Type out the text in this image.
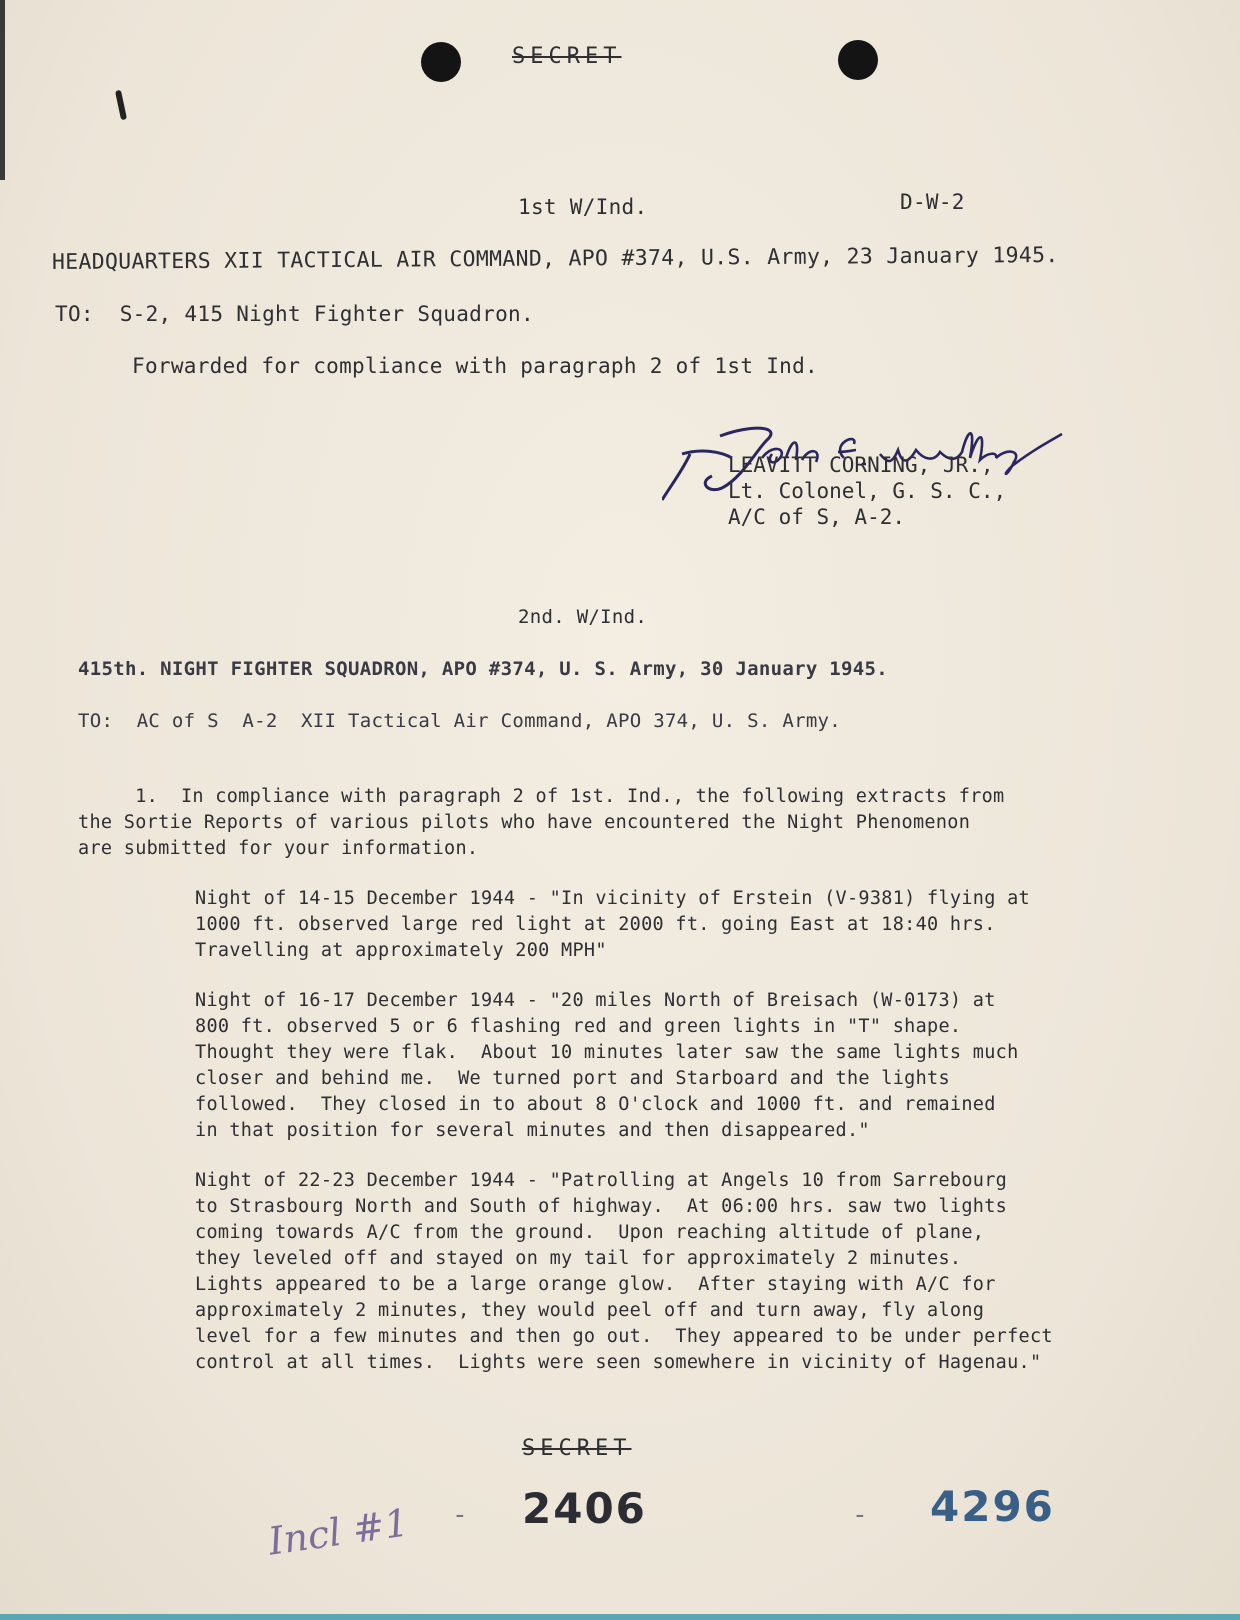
SECRET
1st W/Ind.	D-W-2
HEADQUARTERS XII TACTICAL AIR COMMAND, APO #374, U.S. Army, 23 January 1945.
TO:  S-2, 415 Night Fighter Squadron.
Forwarded for compliance with paragraph 2 of 1st Ind.
LEAVITT CORNING, JR.,
Lt. Colonel, G. S. C.,
A/C of S, A-2.
2nd. W/Ind.
415th. NIGHT FIGHTER SQUADRON, APO #374, U. S. Army, 30 January 1945.
TO:  AC of S  A-2  XII Tactical Air Command, APO 374, U. S. Army.
1.  In compliance with paragraph 2 of 1st. Ind., the following extracts from
the Sortie Reports of various pilots who have encountered the Night Phenomenon
are submitted for your information.
Night of 14-15 December 1944 - "In vicinity of Erstein (V-9381) flying at
1000 ft. observed large red light at 2000 ft. going East at 18:40 hrs.
Travelling at approximately 200 MPH"
Night of 16-17 December 1944 - "20 miles North of Breisach (W-0173) at
800 ft. observed 5 or 6 flashing red and green lights in "T" shape.
Thought they were flak.  About 10 minutes later saw the same lights much
closer and behind me.  We turned port and Starboard and the lights
followed.  They closed in to about 8 O'clock and 1000 ft. and remained
in that position for several minutes and then disappeared."
Night of 22-23 December 1944 - "Patrolling at Angels 10 from Sarrebourg
to Strasbourg North and South of highway.  At 06:00 hrs. saw two lights
coming towards A/C from the ground.  Upon reaching altitude of plane,
they leveled off and stayed on my tail for approximately 2 minutes.
Lights appeared to be a large orange glow.  After staying with A/C for
approximately 2 minutes, they would peel off and turn away, fly along
level for a few minutes and then go out.  They appeared to be under perfect
control at all times.  Lights were seen somewhere in vicinity of Hagenau."
SECRET
Incl #1 - 2406	- 4296
